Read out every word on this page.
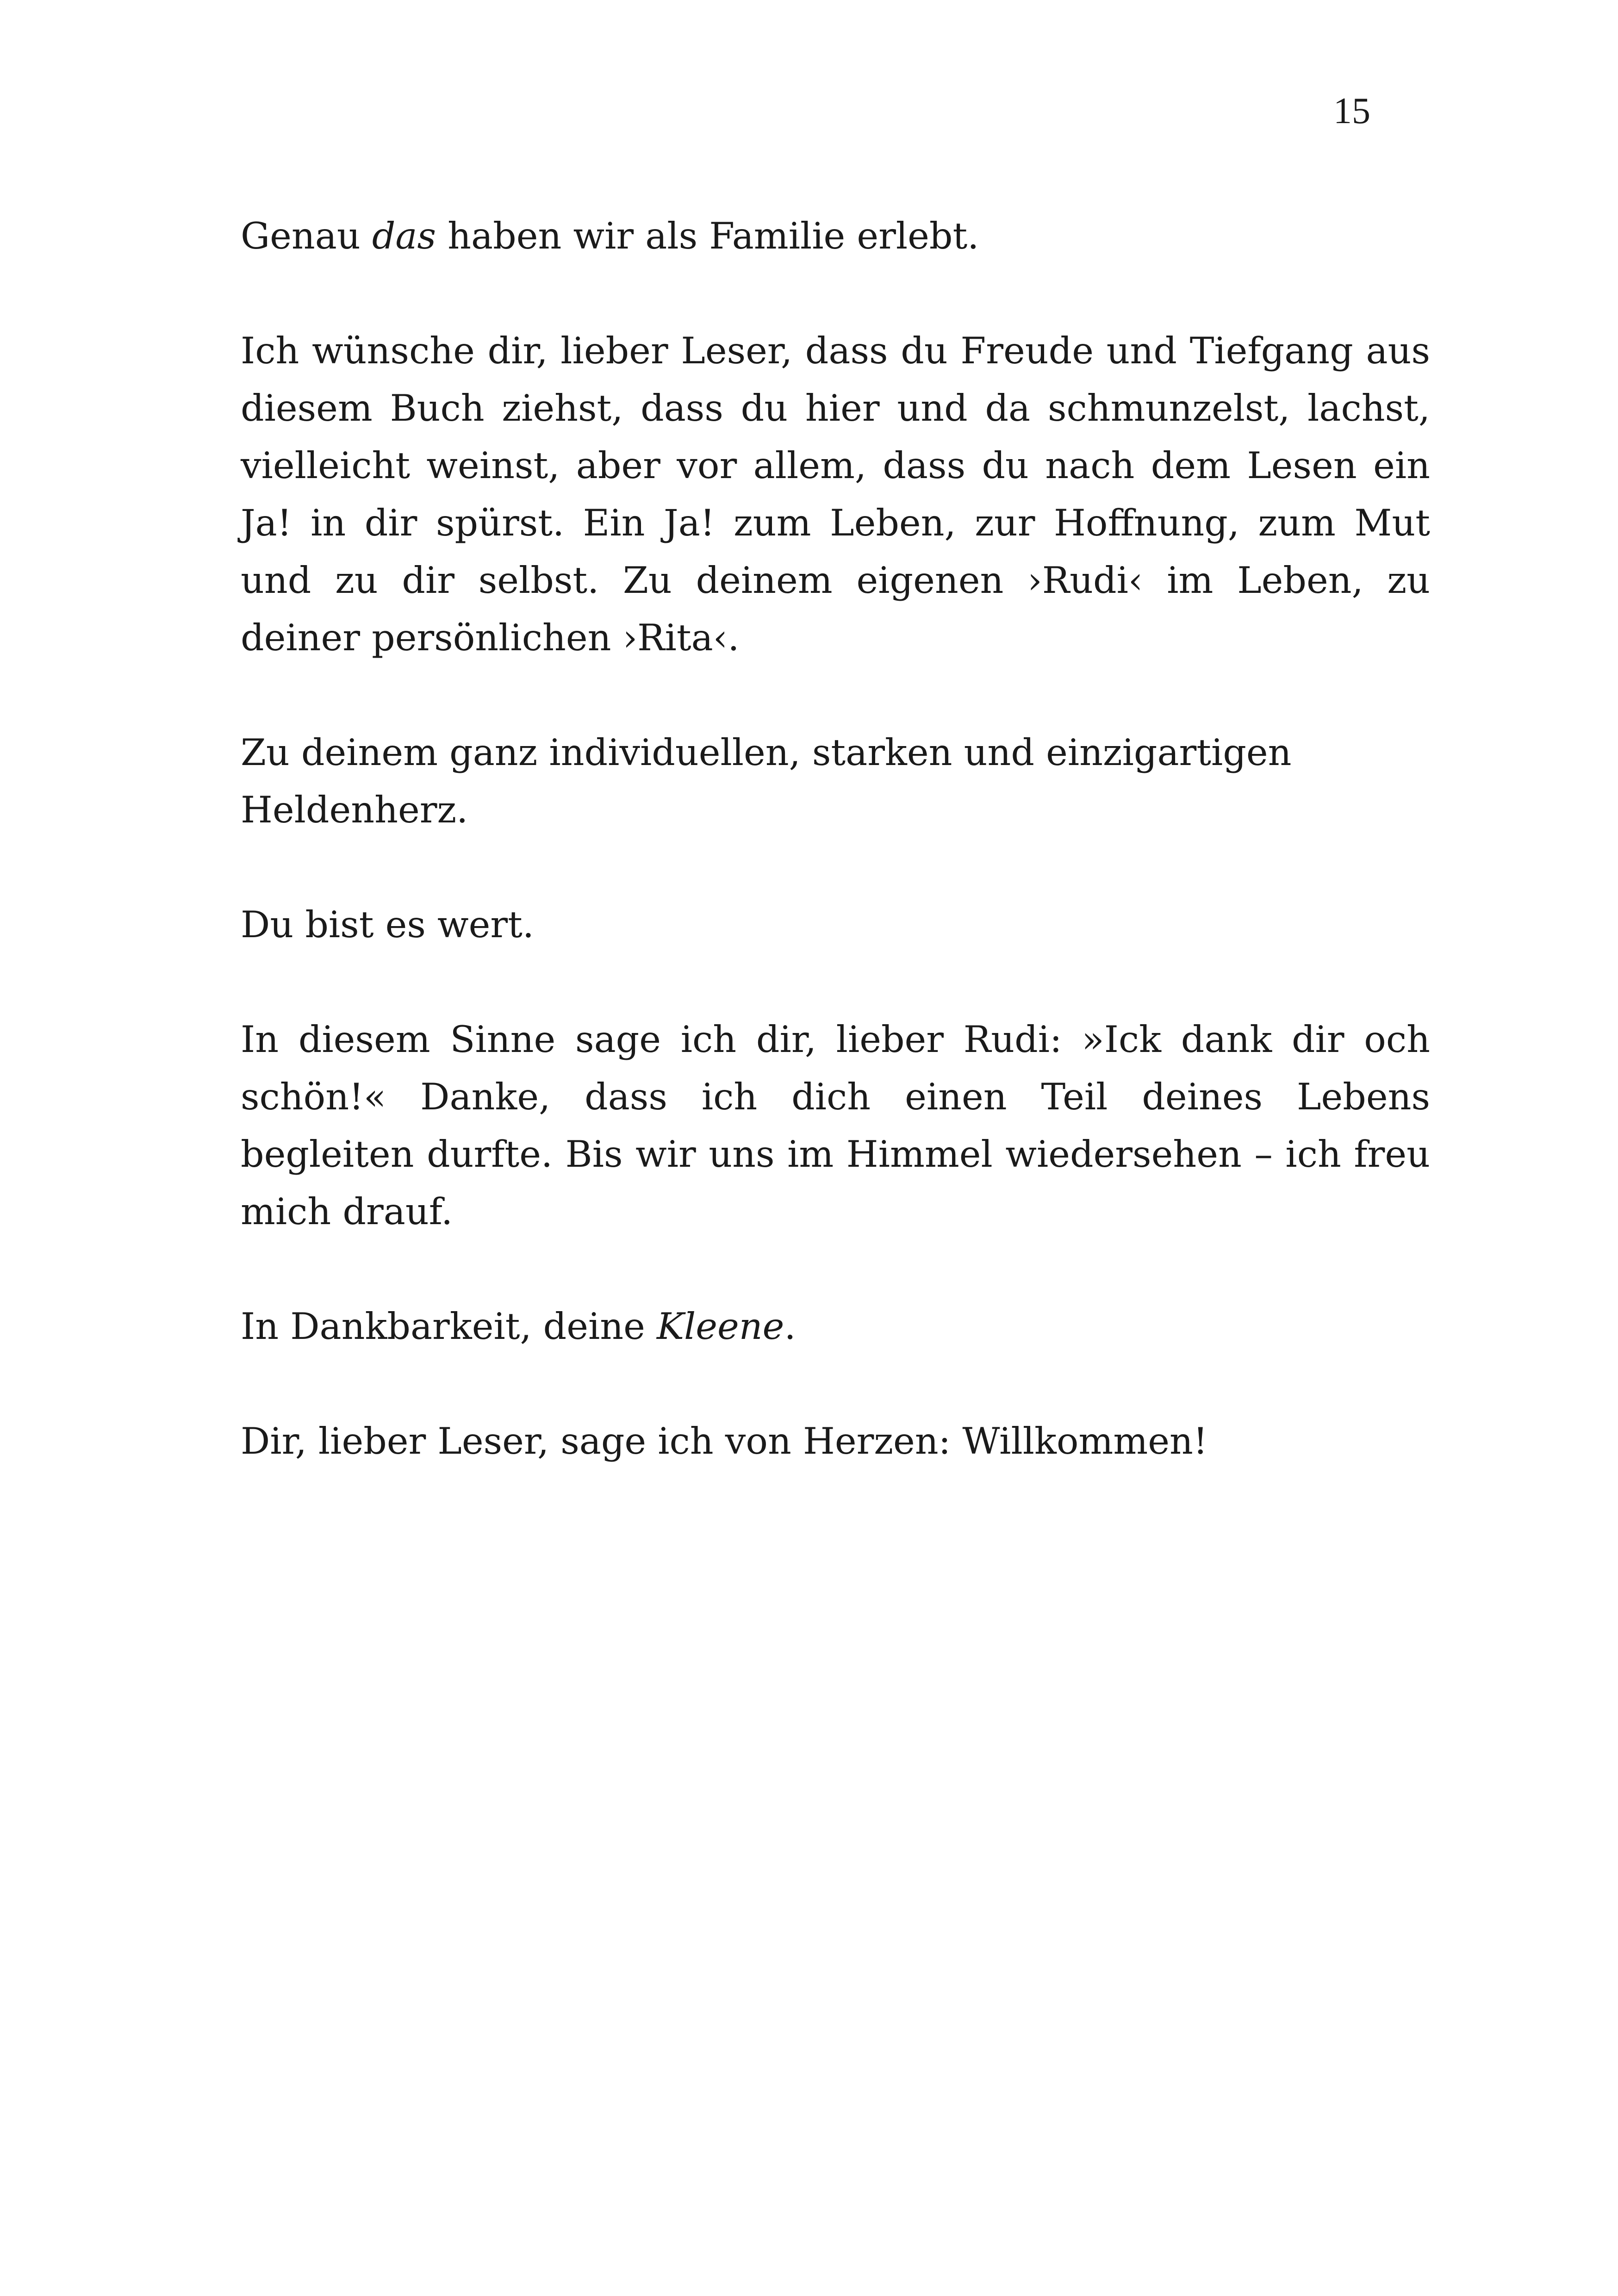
15

Genau das haben wir als Familie erlebt.

Ich wünsche dir, lieber Leser, dass du Freude und Tiefgang aus diesem Buch ziehst, dass du hier und da schmunzelst, lachst, vielleicht weinst, aber vor allem, dass du nach dem Lesen ein Ja! in dir spürst. Ein Ja! zum Leben, zur Hoffnung, zum Mut und zu dir selbst. Zu deinem eigenen ›Rudi‹ im Leben, zu deiner persönlichen ›Rita‹.

Zu deinem ganz individuellen, starken und einzigartigen Heldenherz.

Du bist es wert.

In diesem Sinne sage ich dir, lieber Rudi: »Ick dank dir och schön!« Danke, dass ich dich einen Teil deines Lebens begleiten durfte. Bis wir uns im Himmel wiedersehen – ich freu mich drauf.

In Dankbarkeit, deine Kleene.

Dir, lieber Leser, sage ich von Herzen: Willkommen!
